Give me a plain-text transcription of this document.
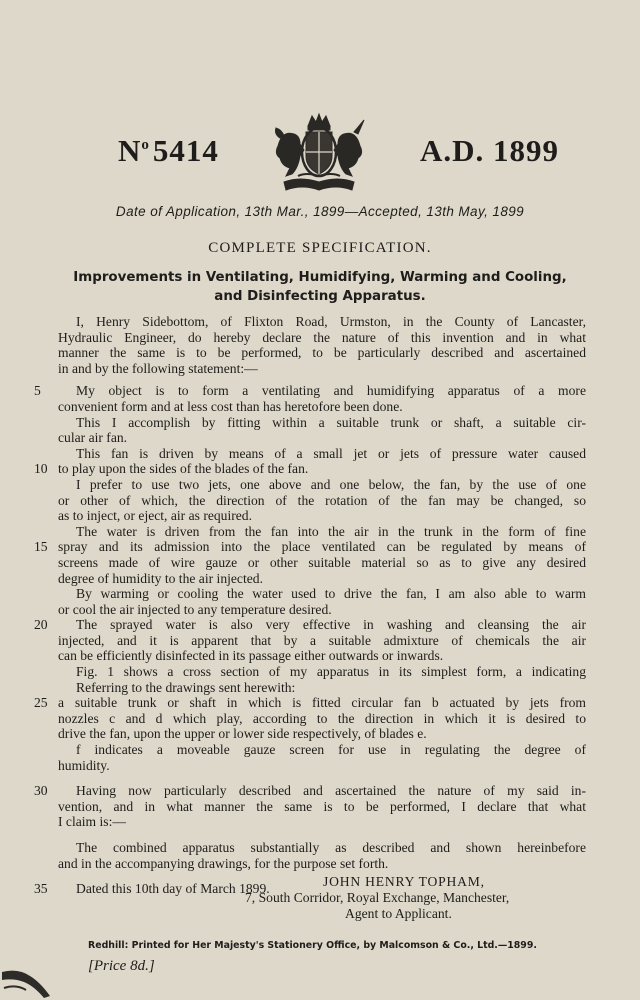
$N^o5414$	A.D. 1899
Date of Application, 13th Mar., 1899—Accepted, 13th May, 1899
COMPLETE SPECIFICATION.
Improvements in Ventilating, Humidifying, Warming and Cooling,
and Disinfecting Apparatus.
I, Henry Sidebottom, of Flixton Road, Urmston, in the County of Lancaster,
Hydraulic Engineer, do hereby declare the nature of this invention and in what
manner the same is to be performed, to be particularly described and ascertained
in and by the following statement:—
5	My object is to form a ventilating and humidifying apparatus of a more
convenient form and at less cost than has heretofore been done.
This I accomplish by fitting within a suitable trunk or shaft, a suitable cir-
cular air fan.
This fan is driven by means of a small jet or jets of pressure water caused
10 to play upon the sides of the blades of the fan.
I prefer to use two jets, one above and one below, the fan, by the use of one
or other of which, the direction of the rotation of the fan may be changed, so
as to inject, or eject, air as required.
The water is driven from the fan into the air in the trunk in the form of fine
15 spray and its admission into the place ventilated can be regulated by means of
screens made of wire gauze or other suitable material so as to give any desired
degree of humidity to the air injected.
By warming or cooling the water used to drive the fan, I am also able to warm
or cool the air injected to any temperature desired.
20	The sprayed water is also very effective in washing and cleansing the air
injected, and it is apparent that by a suitable admixture of chemicals the air
can be efficiently disinfected in its passage either outwards or inwards.
Fig. 1 shows a cross section of my apparatus in its simplest form, a indicating
Referring to the drawings sent herewith:
25 a suitable trunk or shaft in which is fitted circular fan b actuated by jets from
nozzles c and d which play, according to the direction in which it is desired to
drive the fan, upon the upper or lower side respectively, of blades e.
f indicates a moveable gauze screen for use in regulating the degree of
humidity.
30	Having now particularly described and ascertained the nature of my said in-
vention, and in what manner the same is to be performed, I declare that what
I claim is:—
The combined apparatus substantially as described and shown hereinbefore
and in the accompanying drawings, for the purpose set forth.
35	Dated this 10th day of March 1899.	JOHN HENRY TOPHAM,
7, South Corridor, Royal Exchange, Manchester,
Agent to Applicant.
Redhill: Printed for Her Majesty's Stationery Office, by Malcomson & Co., Ltd.—1899.
[Price 8d.]
